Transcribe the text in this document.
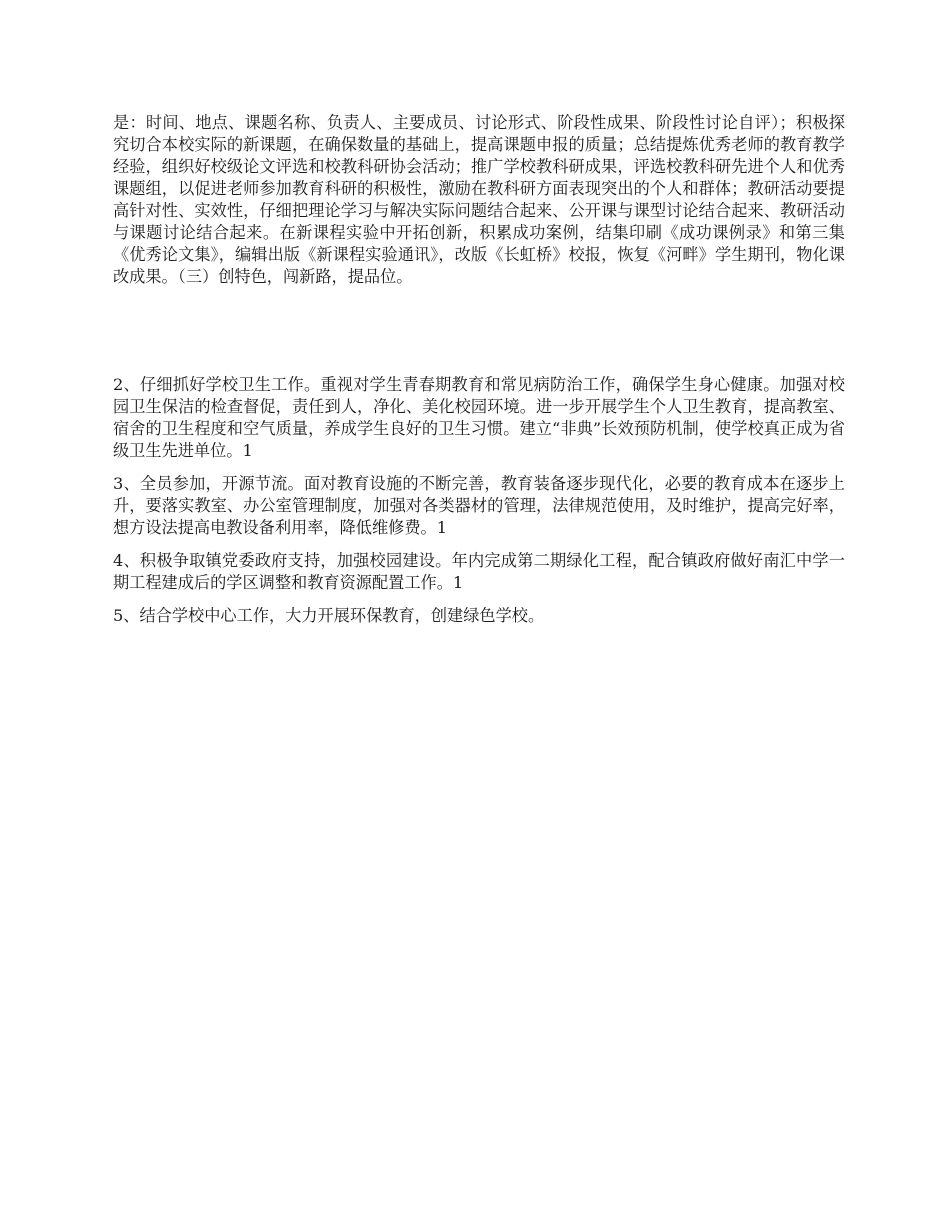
是：时间、地点、课题名称、负责人、主要成员、讨论形式、阶段性成果、阶段性讨论自评）；积极探究切合本校实际的新课题，在确保数量的基础上，提高课题申报的质量；总结提炼优秀老师的教育教学经验，组织好校级论文评选和校教科研协会活动；推广学校教科研成果，评选校教科研先进个人和优秀课题组，以促进老师参加教育科研的积极性，激励在教科研方面表现突出的个人和群体；教研活动要提高针对性、实效性，仔细把理论学习与解决实际问题结合起来、公开课与课型讨论结合起来、教研活动与课题讨论结合起来。在新课程实验中开拓创新，积累成功案例，结集印刷《成功课例录》和第三集《优秀论文集》，编辑出版《新课程实验通讯》，改版《长虹桥》校报，恢复《河畔》学生期刊，物化课改成果。（三）创特色，闯新路，提品位。

2、仔细抓好学校卫生工作。重视对学生青春期教育和常见病防治工作，确保学生身心健康。加强对校园卫生保洁的检查督促，责任到人，净化、美化校园环境。进一步开展学生个人卫生教育，提高教室、宿舍的卫生程度和空气质量，养成学生良好的卫生习惯。建立“非典”长效预防机制，使学校真正成为省级卫生先进单位。1

3、全员参加，开源节流。面对教育设施的不断完善，教育装备逐步现代化，必要的教育成本在逐步上升，要落实教室、办公室管理制度，加强对各类器材的管理，法律规范使用，及时维护，提高完好率，想方设法提高电教设备利用率，降低维修费。1

4、积极争取镇党委政府支持，加强校园建设。年内完成第二期绿化工程，配合镇政府做好南汇中学一期工程建成后的学区调整和教育资源配置工作。1

5、结合学校中心工作，大力开展环保教育，创建绿色学校。
